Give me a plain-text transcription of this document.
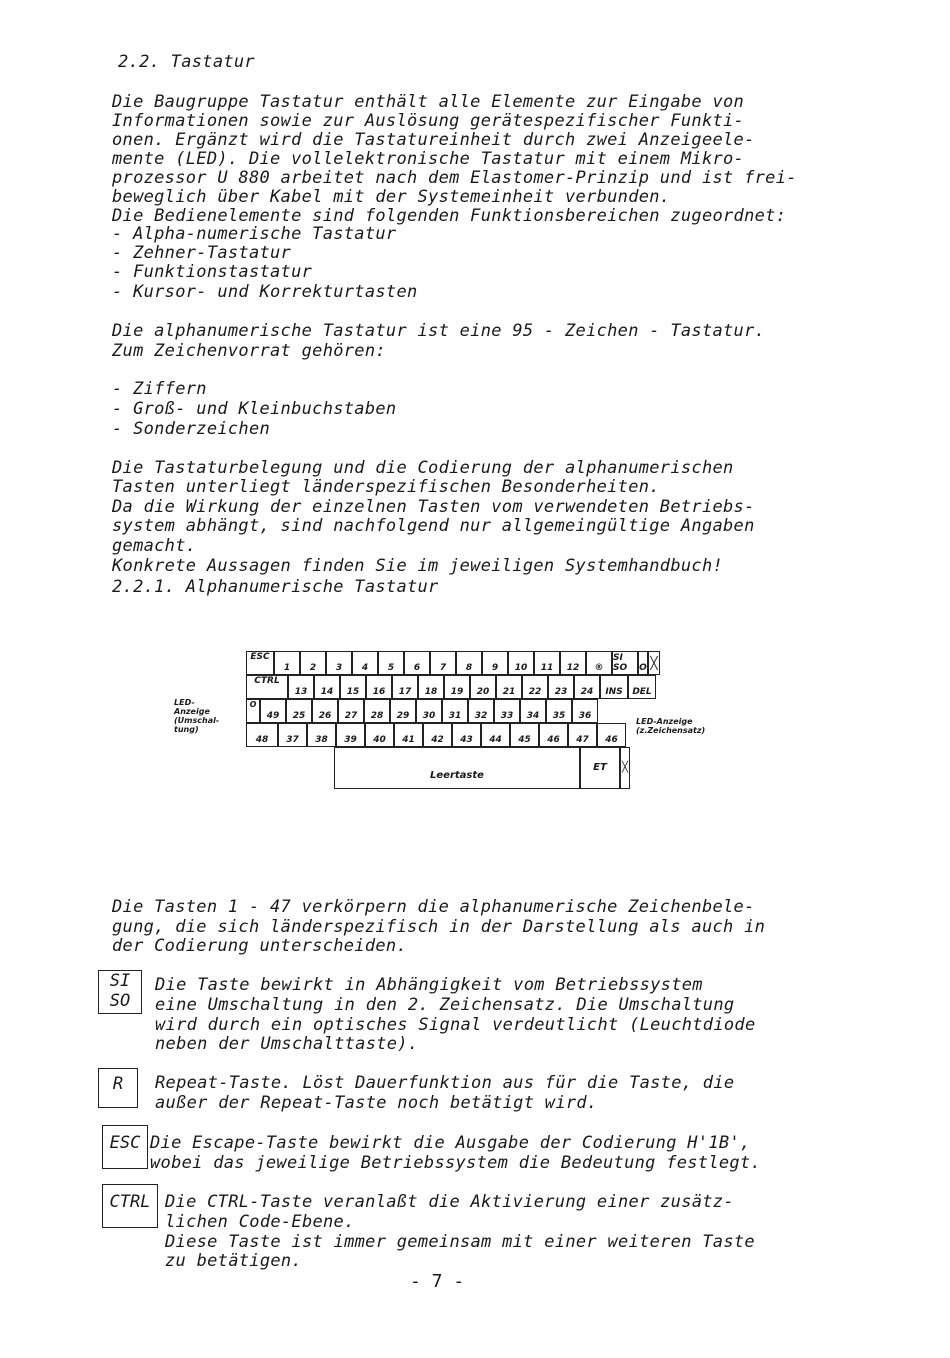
2.2. Tastatur
Die Baugruppe Tastatur enthält alle Elemente zur Eingabe von
Informationen sowie zur Auslösung gerätespezifischer Funkti-
onen. Ergänzt wird die Tastatureinheit durch zwei Anzeigeele-
mente (LED). Die vollelektronische Tastatur mit einem Mikro-
prozessor U 880 arbeitet nach dem Elastomer-Prinzip und ist frei-
beweglich über Kabel mit der Systemeinheit verbunden.
Die Bedienelemente sind folgenden Funktionsbereichen zugeordnet:
- Alpha-numerische Tastatur
- Zehner-Tastatur
- Funktionstastatur
- Kursor- und Korrekturtasten
Die alphanumerische Tastatur ist eine 95 - Zeichen - Tastatur.
Zum Zeichenvorrat gehören:
- Ziffern
- Groß- und Kleinbuchstaben
- Sonderzeichen
Die Tastaturbelegung und die Codierung der alphanumerischen
Tasten unterliegt länderspezifischen Besonderheiten.
Da die Wirkung der einzelnen Tasten vom verwendeten Betriebs-
system abhängt, sind nachfolgend nur allgemeingültige Angaben
gemacht.
Konkrete Aussagen finden Sie im jeweiligen Systemhandbuch!
2.2.1. Alphanumerische Tastatur
LED-
Anzeige
(Umschal-
tung)
LED-Anzeige
(z.Zeichensatz)
ESC
1	2	3	4	5	6	7	8	9	10	11	12	®
SI SO	O ╳
CTRL
13	14	15	16	17	18	19	20	21	22	23	24	INS	DEL
O
49	25	26	27	28	29	30	31	32	33	34	35	36
48	37	38	39	40	41	42	43	44	45	46	47	46
Leertaste
ET	╳
Die Tasten 1 - 47 verkörpern die alphanumerische Zeichenbele-
gung, die sich länderspezifisch in der Darstellung als auch in
der Codierung unterscheiden.
SI
SO
Die Taste bewirkt in Abhängigkeit vom Betriebssystem
eine Umschaltung in den 2. Zeichensatz. Die Umschaltung
wird durch ein optisches Signal verdeutlicht (Leuchtdiode
neben der Umschalttaste).
R	Repeat-Taste. Löst Dauerfunktion aus für die Taste, die
außer der Repeat-Taste noch betätigt wird.
ESC Die Escape-Taste bewirkt die Ausgabe der Codierung H'1B',
wobei das jeweilige Betriebssystem die Bedeutung festlegt.
CTRL Die CTRL-Taste veranlaßt die Aktivierung einer zusätz-
lichen Code-Ebene.
Diese Taste ist immer gemeinsam mit einer weiteren Taste
zu betätigen.
- 7 -
